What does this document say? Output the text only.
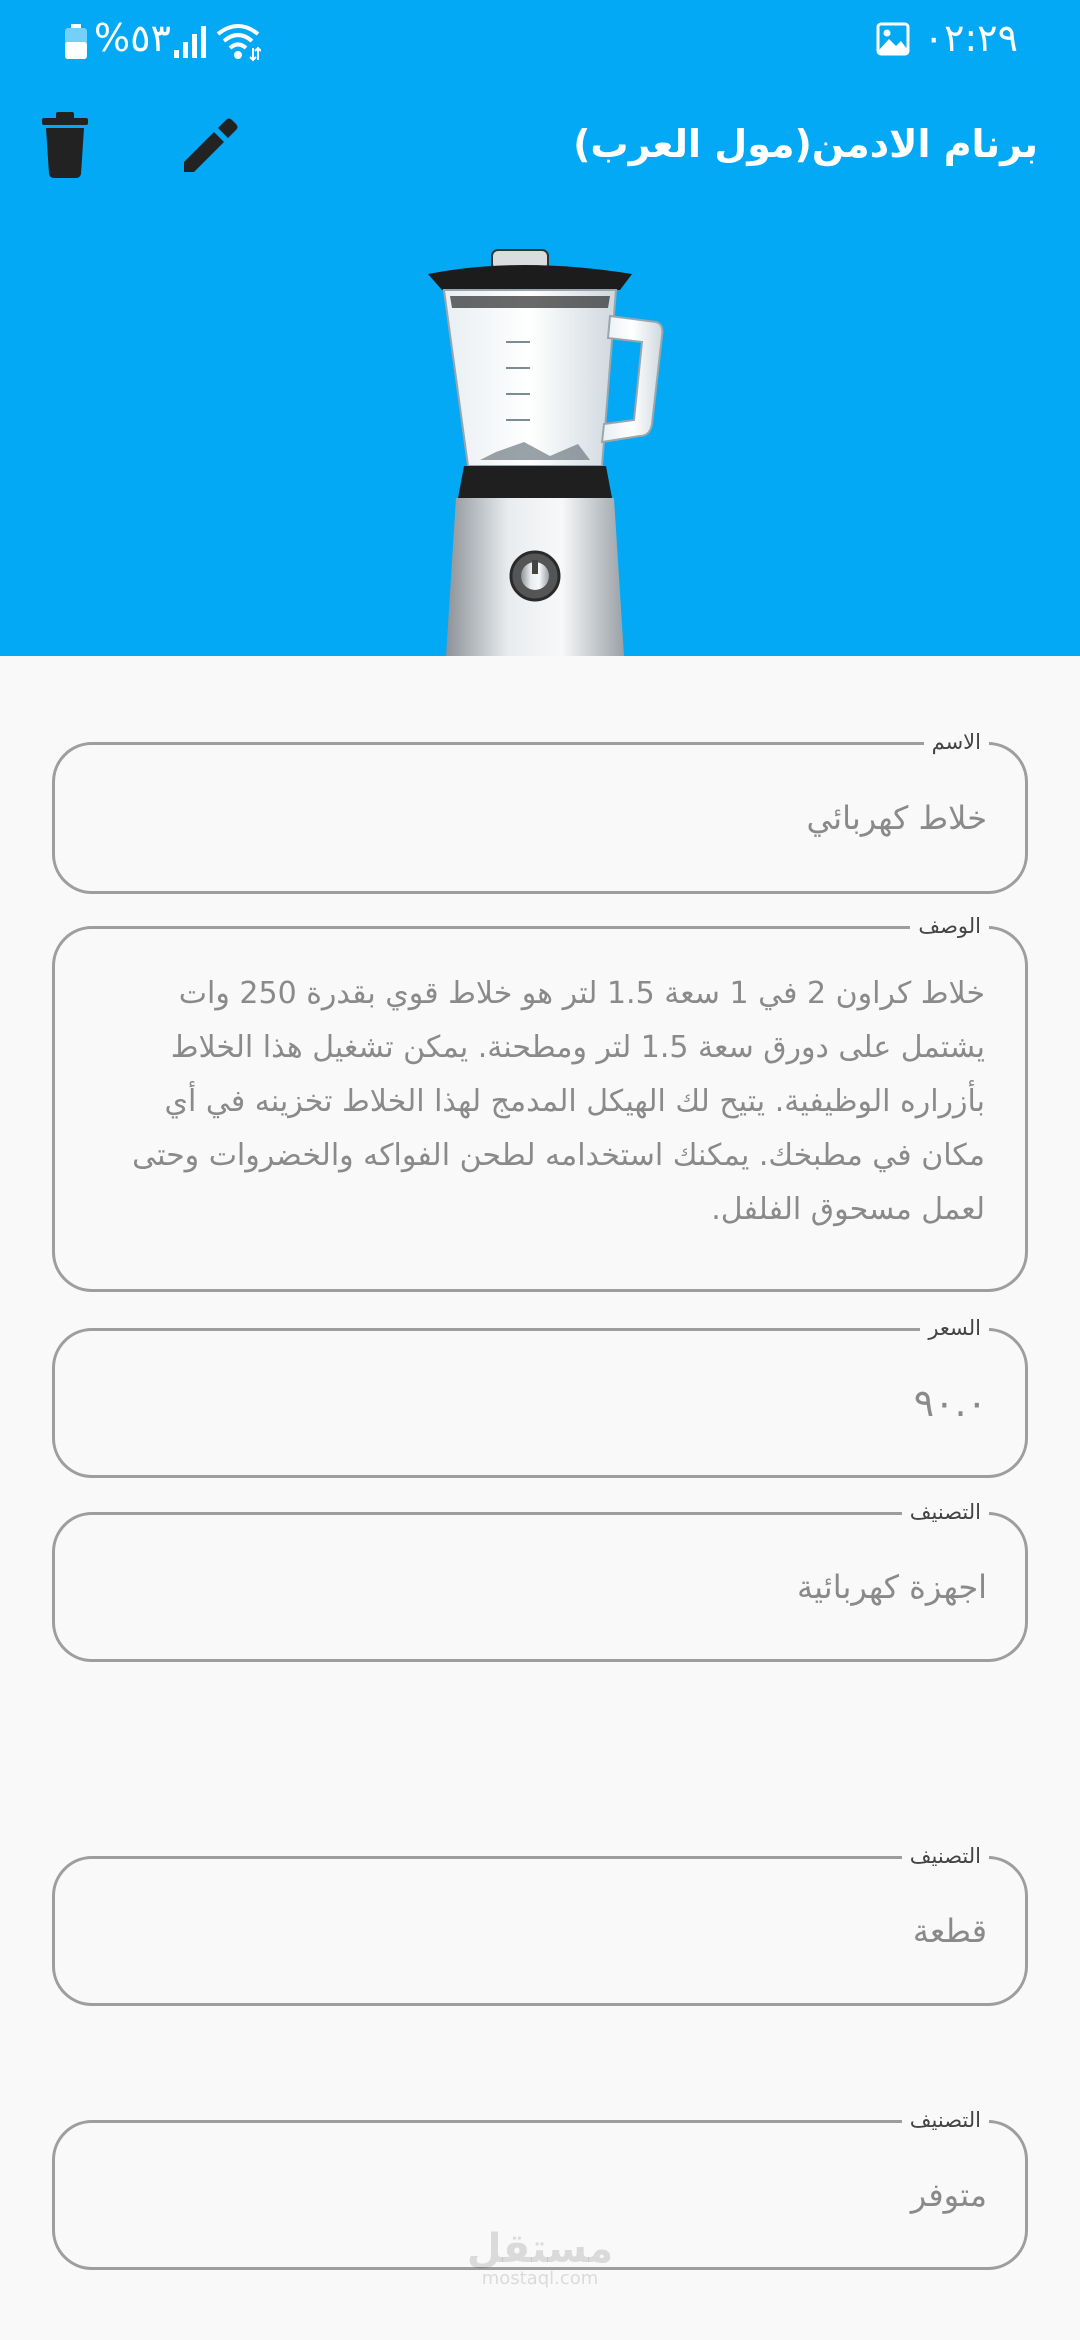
%٥٣	٠٢:٢٩
برنام الادمن(مول العرب)
الاسم
خلاط كهربائي
الوصف
خلاط كراون 2 في 1 سعة 1.5 لتر هو خلاط قوي بقدرة 250 وات يشتمل على دورق سعة 1.5 لتر ومطحنة. يمكن تشغيل هذا الخلاط بأزراره الوظيفية. يتيح لك الهيكل المدمج لهذا الخلاط تخزينه في أي مكان في مطبخك. يمكنك استخدامه لطحن الفواكه والخضروات وحتى لعمل مسحوق الفلفل.
السعر
٩٠.٠
التصنيف
اجهزة كهربائية
التصنيف
قطعة
التصنيف
متوفر
مستقل
mostaql.com
